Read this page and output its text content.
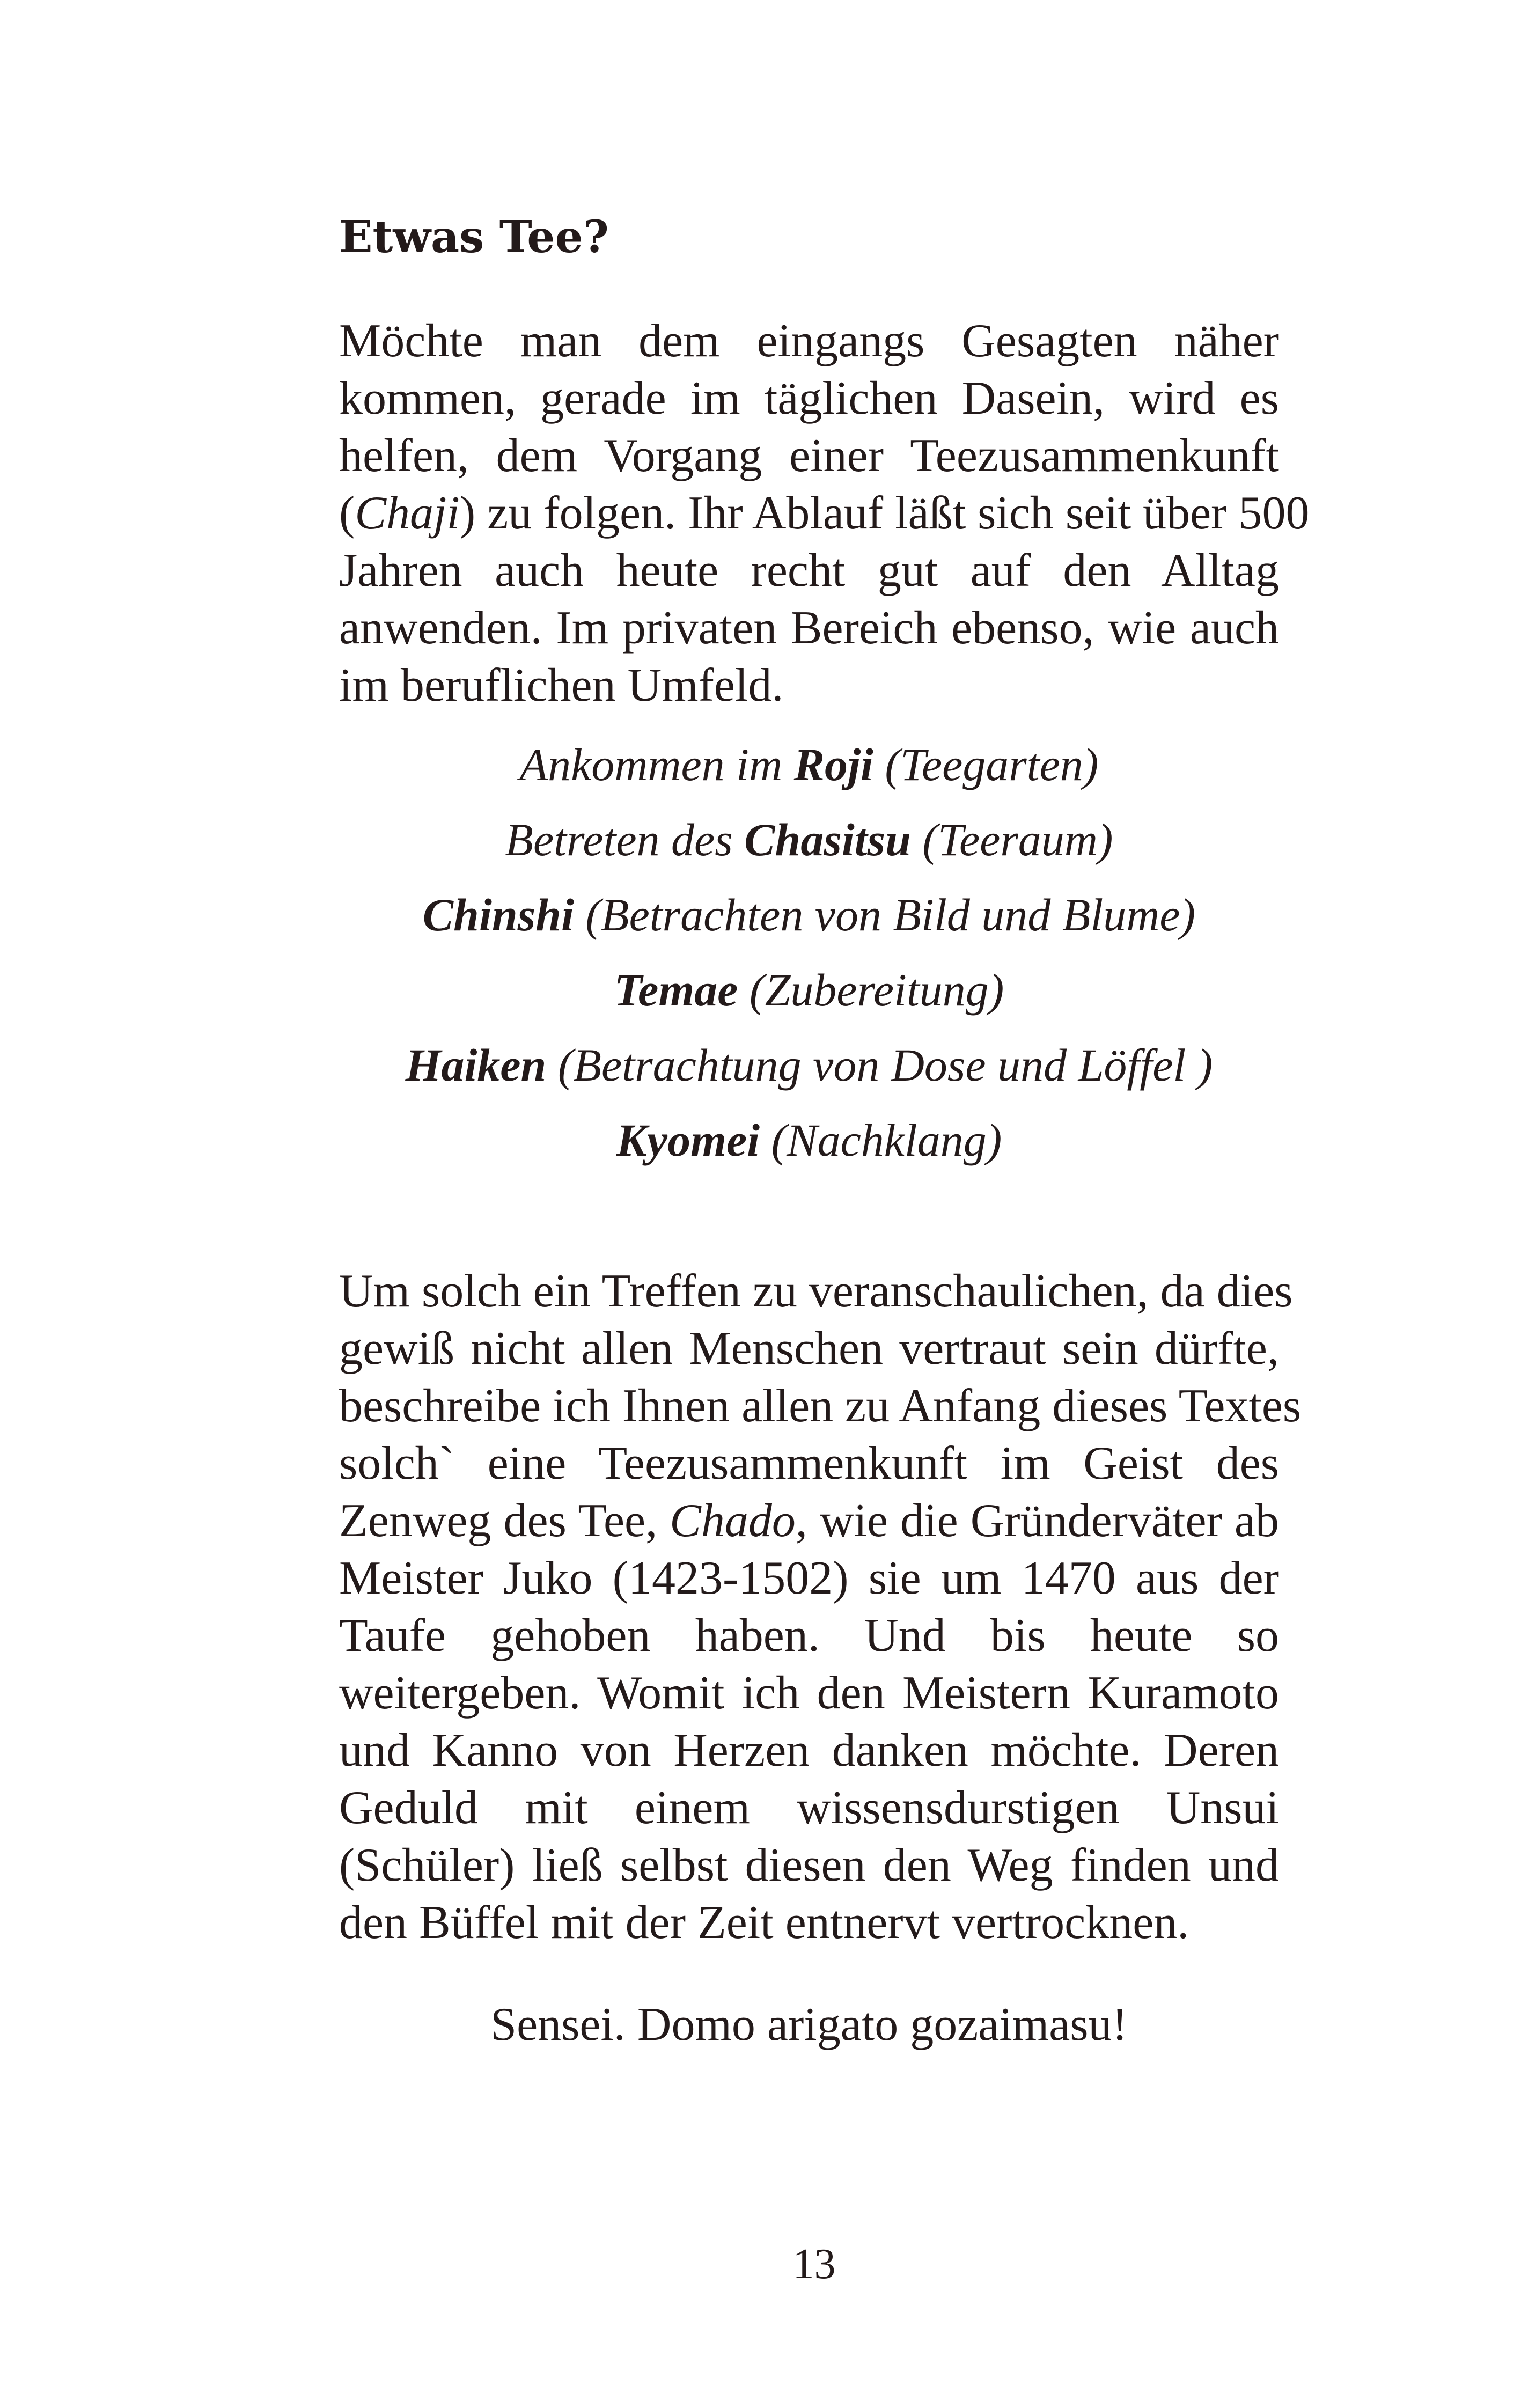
Etwas Tee?

Möchte man dem eingangs Gesagten näher
kommen, gerade im täglichen Dasein, wird es
helfen, dem Vorgang einer Teezusammenkunft
(Chaji) zu folgen. Ihr Ablauf läßt sich seit über 500
Jahren auch heute recht gut auf den Alltag
anwenden. Im privaten Bereich ebenso, wie auch
im beruflichen Umfeld.

Ankommen im Roji (Teegarten)
Betreten des Chasitsu (Teeraum)
Chinshi (Betrachten von Bild und Blume)
Temae (Zubereitung)
Haiken (Betrachtung von Dose und Löffel )
Kyomei (Nachklang)

Um solch ein Treffen zu veranschaulichen, da dies
gewiß nicht allen Menschen vertraut sein dürfte,
beschreibe ich Ihnen allen zu Anfang dieses Textes
solch` eine Teezusammenkunft im Geist des
Zenweg des Tee, Chado, wie die Gründerväter ab
Meister Juko (1423-1502) sie um 1470 aus der
Taufe gehoben haben. Und bis heute so
weitergeben. Womit ich den Meistern Kuramoto
und Kanno von Herzen danken möchte. Deren
Geduld mit einem wissensdurstigen Unsui
(Schüler) ließ selbst diesen den Weg finden und
den Büffel mit der Zeit entnervt vertrocknen.

Sensei. Domo arigato gozaimasu!

13
